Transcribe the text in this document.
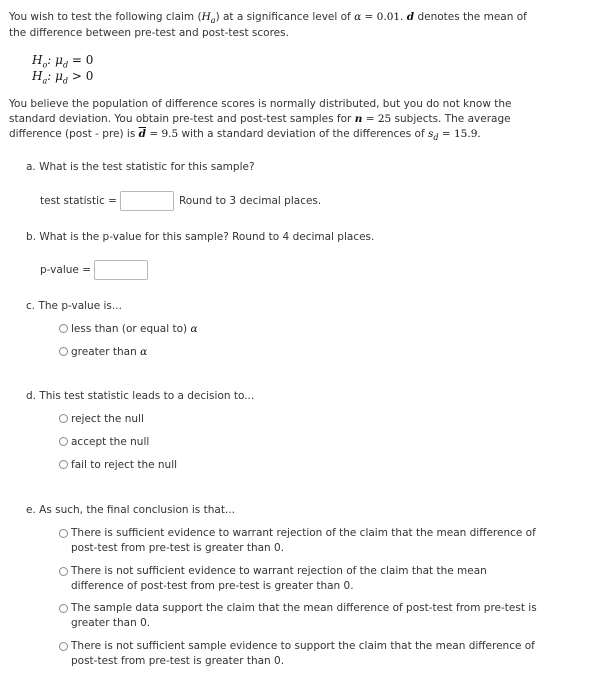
You wish to test the following claim $(H_a)$ at a significance level of α = 0.01. d denotes the mean of
the difference between pre-test and post-test scores.
$H_o$: $\mu_d = 0$
$H_a$: $\mu_d > 0$
You believe the population of difference scores is normally distributed, but you do not know the
standard deviation. You obtain pre-test and post-test samples for n = 25 subjects. The average
difference (post - pre) is $\overline{d} = 9.5$ with a standard deviation of the differences of $s_d = 15.9$.
a. What is the test statistic for this sample?
test statistic =	Round to 3 decimal places.
b. What is the p-value for this sample? Round to 4 decimal places.
p-value =
c. The p-value is...
less than (or equal to) α
greater than α
d. This test statistic leads to a decision to...
reject the null
accept the null
fail to reject the null
e. As such, the final conclusion is that...
There is sufficient evidence to warrant rejection of the claim that the mean difference of
post-test from pre-test is greater than 0.
There is not sufficient evidence to warrant rejection of the claim that the mean
difference of post-test from pre-test is greater than 0.
The sample data support the claim that the mean difference of post-test from pre-test is
greater than 0.
There is not sufficient sample evidence to support the claim that the mean difference of
post-test from pre-test is greater than 0.
